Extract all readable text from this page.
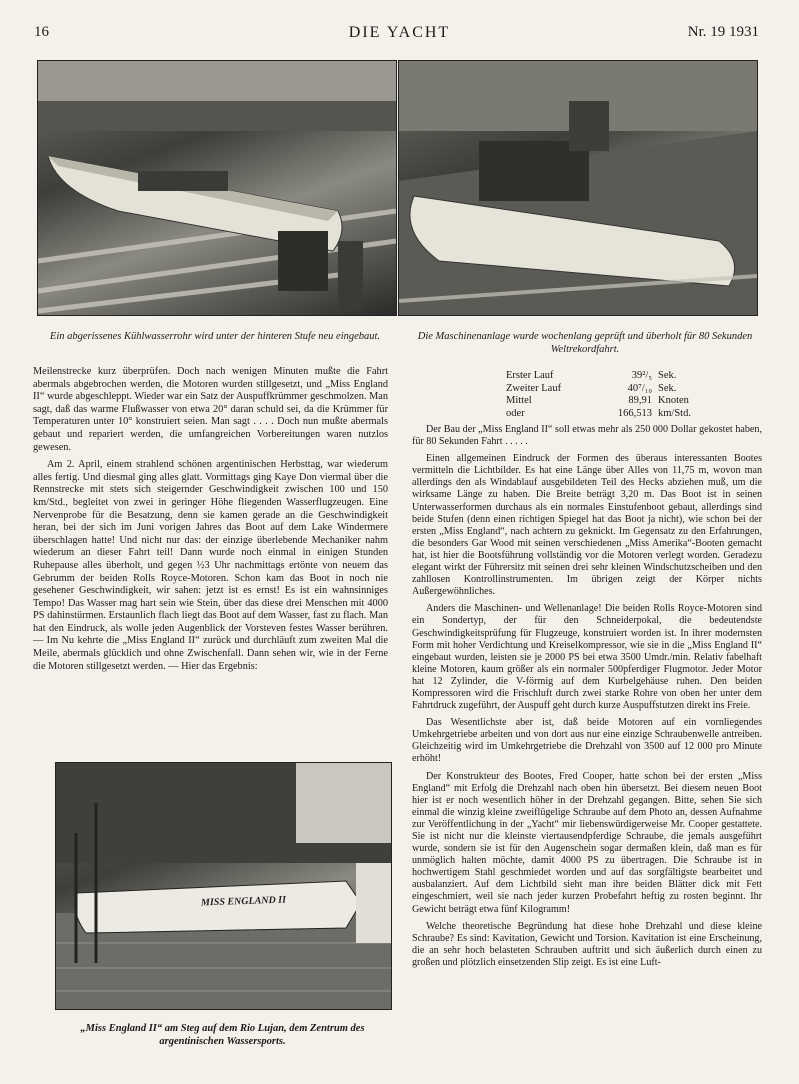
16	DIE YACHT	Nr. 19 1931
Ein abgerissenes Kühlwasserrohr wird unter der hinteren Stufe neu eingebaut.	Die Maschinenanlage wurde wochenlang geprüft und überholt für 80 Sekunden Weltrekordfahrt.

Meilenstrecke kurz überprüfen. Doch nach wenigen Minuten mußte die Fahrt abermals abgebrochen werden, die Motoren wurden stillgesetzt, und „Miss England II“ wurde abgeschleppt. Wieder war ein Satz der Auspuffkrümmer geschmolzen. Man sagt, daß das warme Flußwasser von etwa 20° daran schuld sei, da die Krümmer für Temperaturen unter 10° konstruiert seien. Man sagt . . . . Doch nun mußte abermals gebaut und repariert werden, die umfangreichen Vorbereitungen waren nutzlos gewesen.

Am 2. April, einem strahlend schönen argentinischen Herbsttag, war wiederum alles fertig. Und diesmal ging alles glatt. Vormittags ging Kaye Don viermal über die Rennstrecke mit stets sich steigernder Geschwindigkeit zwischen 100 und 150 km/Std., begleitet von zwei in geringer Höhe fliegenden Wasserflugzeugen. Eine Nervenprobe für die Besatzung, denn sie kamen gerade an die Geschwindigkeit heran, bei der sich im Juni vorigen Jahres das Boot auf dem Lake Windermere überschlagen hatte! Und nicht nur das: der einzige überlebende Mechaniker nahm wiederum an dieser Fahrt teil! Dann wurde noch einmal in einigen Stunden Ruhepause alles überholt, und gegen ½3 Uhr nachmittags ertönte von neuem das Gebrumm der beiden Rolls Royce-Motoren. Schon kam das Boot in noch nie gesehener Geschwindigkeit, wir sahen: jetzt ist es ernst! Es ist ein wahnsinniges Tempo! Das Wasser mag hart sein wie Stein, über das diese drei Menschen mit 4000 PS dahinstürmen. Erstaunlich flach liegt das Boot auf dem Wasser, fast zu flach. Man hat den Eindruck, als wolle jeden Augenblick der Vorsteven festes Wasser berühren. — Im Nu kehrte die „Miss England II“ zurück und durchläuft zum zweiten Mal die Meile, abermals glücklich und ohne Zwischenfall. Dann sehen wir, wie in der Ferne die Motoren stillgesetzt werden. — Hier das Ergebnis:

MISS ENGLAND II
„Miss England II“ am Steg auf dem Rio Lujan, dem Zentrum des argentinischen Wassersports.
Erster Lauf	39²/₅ Sek.
Zweiter Lauf	40⁷/₁₀ Sek.
Mittel	89,91 Knoten
oder	166,513 km/Std.

Der Bau der „Miss England II“ soll etwas mehr als 250 000 Dollar gekostet haben, für 80 Sekunden Fahrt . . . . .

Einen allgemeinen Eindruck der Formen des überaus interessanten Bootes vermitteln die Lichtbilder. Es hat eine Länge über Alles von 11,75 m, wovon man allerdings den als Windablauf ausgebildeten Teil des Hecks abziehen muß, um die wirksame Länge zu haben. Die Breite beträgt 3,20 m. Das Boot ist in seinen Unterwasserformen durchaus als ein normales Einstufenboot gebaut, allerdings sind beide Stufen (denn einen richtigen Spiegel hat das Boot ja nicht), wie schon bei der ersten „Miss England“, nach achtern zu geknickt. Im Gegensatz zu den Erfahrungen, die besonders Gar Wood mit seinen verschiedenen „Miss Amerika“-Booten gemacht hat, ist hier die Bootsführung vollständig vor die Motoren verlegt worden. Geradezu elegant wirkt der Führersitz mit seinen drei sehr kleinen Windschutzscheiben und den zahllosen Kontrollinstrumenten. Im übrigen zeigt der Körper nichts Außergewöhnliches.

Anders die Maschinen- und Wellenanlage! Die beiden Rolls Royce-Motoren sind ein Sondertyp, der für den Schneiderpokal, die bedeutendste Geschwindigkeitsprüfung für Flugzeuge, konstruiert worden ist. In ihrer modernsten Form mit hoher Verdichtung und Kreiselkompressor, wie sie in die „Miss England II“ eingebaut wurden, leisten sie je 2000 PS bei etwa 3500 Umdr./min. Relativ fabelhaft kleine Motoren, kaum größer als ein normaler 500pferdiger Flugmotor. Jeder Motor hat 12 Zylinder, die V-förmig auf dem Kurbelgehäuse ruhen. Den beiden Kompressoren wird die Frischluft durch zwei starke Rohre von oben her unter dem Fahrtdruck zugeführt, der Auspuff geht durch kurze Auspuffstutzen direkt ins Freie.

Das Wesentlichste aber ist, daß beide Motoren auf ein vornliegendes Umkehrgetriebe arbeiten und von dort aus nur eine einzige Schraubenwelle antreiben. Gleichzeitig wird im Umkehrgetriebe die Drehzahl von 3500 auf 12 000 pro Minute erhöht!

Der Konstrukteur des Bootes, Fred Cooper, hatte schon bei der ersten „Miss England“ mit Erfolg die Drehzahl nach oben hin übersetzt. Bei diesem neuen Boot hier ist er noch wesentlich höher in der Drehzahl gegangen. Bitte, sehen Sie sich einmal die winzig kleine zweiflügelige Schraube auf dem Photo an, dessen Aufnahme zur Veröffentlichung in der „Yacht“ mir liebenswürdigerweise Mr. Cooper gestattete. Sie ist nicht nur die kleinste viertausendpferdige Schraube, die jemals ausgeführt wurde, sondern sie ist für den Augenschein sogar dermaßen klein, daß man es für unmöglich halten möchte, damit 4000 PS zu übertragen. Die Schraube ist in hochwertigem Stahl geschmiedet worden und auf das sorgfältigste bearbeitet und ausbalanziert. Auf dem Lichtbild sieht man ihre beiden Blätter dick mit Fett eingeschmiert, weil sie nach jeder kurzen Probefahrt heftig zu rosten beginnt. Ihr Gewicht beträgt etwa fünf Kilogramm!

Welche theoretische Begründung hat diese hohe Drehzahl und diese kleine Schraube? Es sind: Kavitation, Gewicht und Torsion. Kavitation ist eine Erscheinung, die an sehr hoch belasteten Schrauben auftritt und sich äußerlich durch einen zu großen und plötzlich einsetzenden Slip zeigt. Es ist eine Luft-
